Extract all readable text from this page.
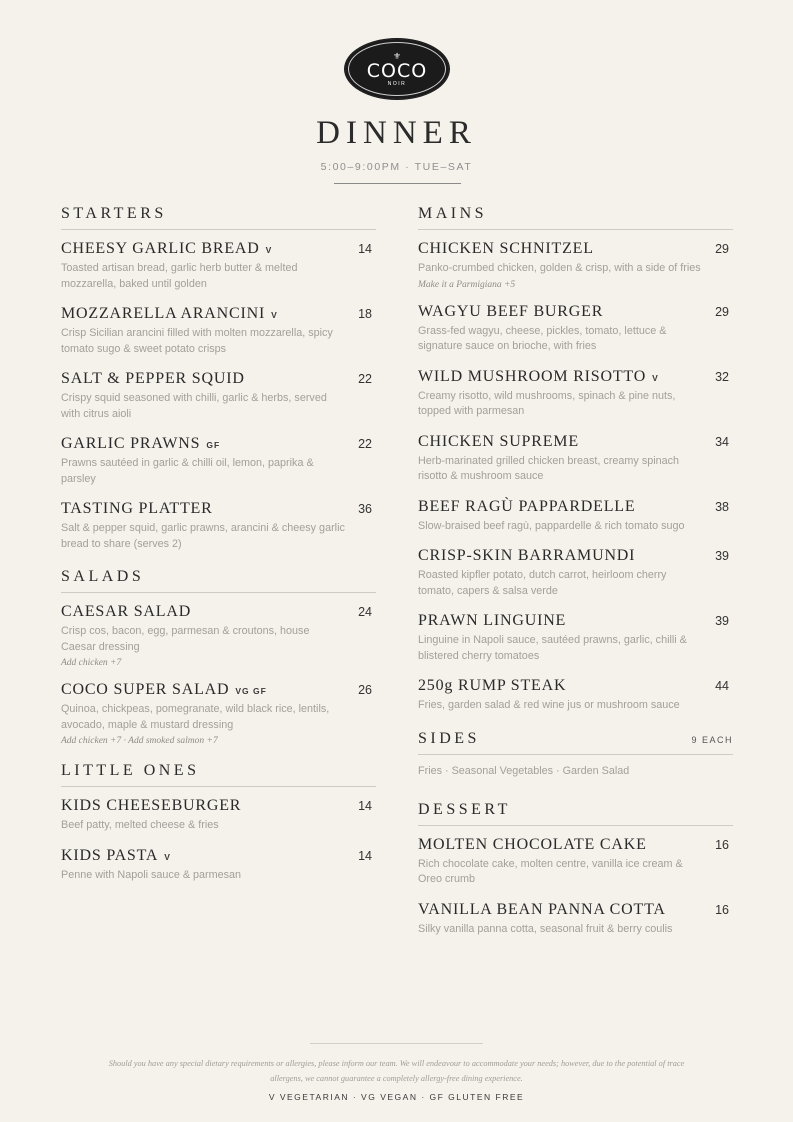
⚜
COCO
NOIR
DINNER
5:00–9:00PM · TUE–SAT
STARTERS
CHEESY GARLIC BREAD V	14
Toasted artisan bread, garlic herb butter & melted mozzarella, baked until golden
MOZZARELLA ARANCINI V	18
Crisp Sicilian arancini filled with molten mozzarella, spicy tomato sugo & sweet potato crisps
SALT & PEPPER SQUID	22
Crispy squid seasoned with chilli, garlic & herbs, served with citrus aioli
GARLIC PRAWNS GF	22
Prawns sautéed in garlic & chilli oil, lemon, paprika & parsley
TASTING PLATTER	36
Salt & pepper squid, garlic prawns, arancini & cheesy garlic bread to share (serves 2)
SALADS
CAESAR SALAD	24
Crisp cos, bacon, egg, parmesan & croutons, house Caesar dressing
Add chicken +7
COCO SUPER SALAD VG GF	26
Quinoa, chickpeas, pomegranate, wild black rice, lentils, avocado, maple & mustard dressing
Add chicken +7 · Add smoked salmon +7
LITTLE ONES
KIDS CHEESEBURGER	14
Beef patty, melted cheese & fries
KIDS PASTA V	14
Penne with Napoli sauce & parmesan
MAINS
CHICKEN SCHNITZEL	29
Panko-crumbed chicken, golden & crisp, with a side of fries
Make it a Parmigiana +5
WAGYU BEEF BURGER	29
Grass-fed wagyu, cheese, pickles, tomato, lettuce & signature sauce on brioche, with fries
WILD MUSHROOM RISOTTO V	32
Creamy risotto, wild mushrooms, spinach & pine nuts, topped with parmesan
CHICKEN SUPREME	34
Herb-marinated grilled chicken breast, creamy spinach risotto & mushroom sauce
BEEF RAGÙ PAPPARDELLE	38
Slow-braised beef ragù, pappardelle & rich tomato sugo
CRISP-SKIN BARRAMUNDI	39
Roasted kipfler potato, dutch carrot, heirloom cherry tomato, capers & salsa verde
PRAWN LINGUINE	39
Linguine in Napoli sauce, sautéed prawns, garlic, chilli & blistered cherry tomatoes
250g RUMP STEAK	44
Fries, garden salad & red wine jus or mushroom sauce
SIDES	9 EACH
Fries · Seasonal Vegetables · Garden Salad
DESSERT
MOLTEN CHOCOLATE CAKE	16
Rich chocolate cake, molten centre, vanilla ice cream & Oreo crumb
VANILLA BEAN PANNA COTTA	16
Silky vanilla panna cotta, seasonal fruit & berry coulis
Should you have any special dietary requirements or allergies, please inform our team. We will endeavour to accommodate your needs; however, due to the potential of trace allergens, we cannot guarantee a completely allergy-free dining experience.
V VEGETARIAN · VG VEGAN · GF GLUTEN FREE
